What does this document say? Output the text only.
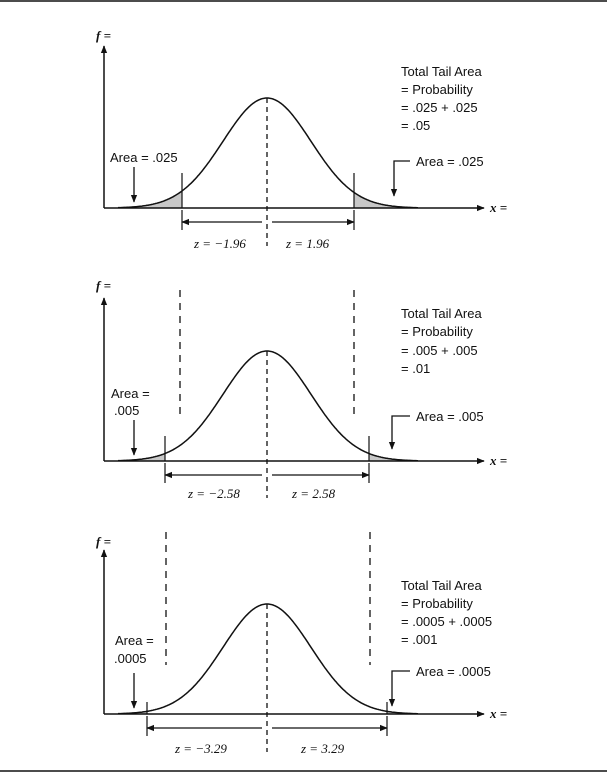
f =
x =
z = −1.96	z = 1.96
Area = .025	Area = .025
Total Tail Area
= Probability
= .025 + .025
= .05
f =
x =
z = −2.58	z = 2.58
Area =
.005	Area = .005
Total Tail Area
= Probability
= .005 + .005
= .01
f =
x =
z = −3.29	z = 3.29
Area =
.0005
Area = .0005
Total Tail Area
= Probability
= .0005 + .0005
= .001
